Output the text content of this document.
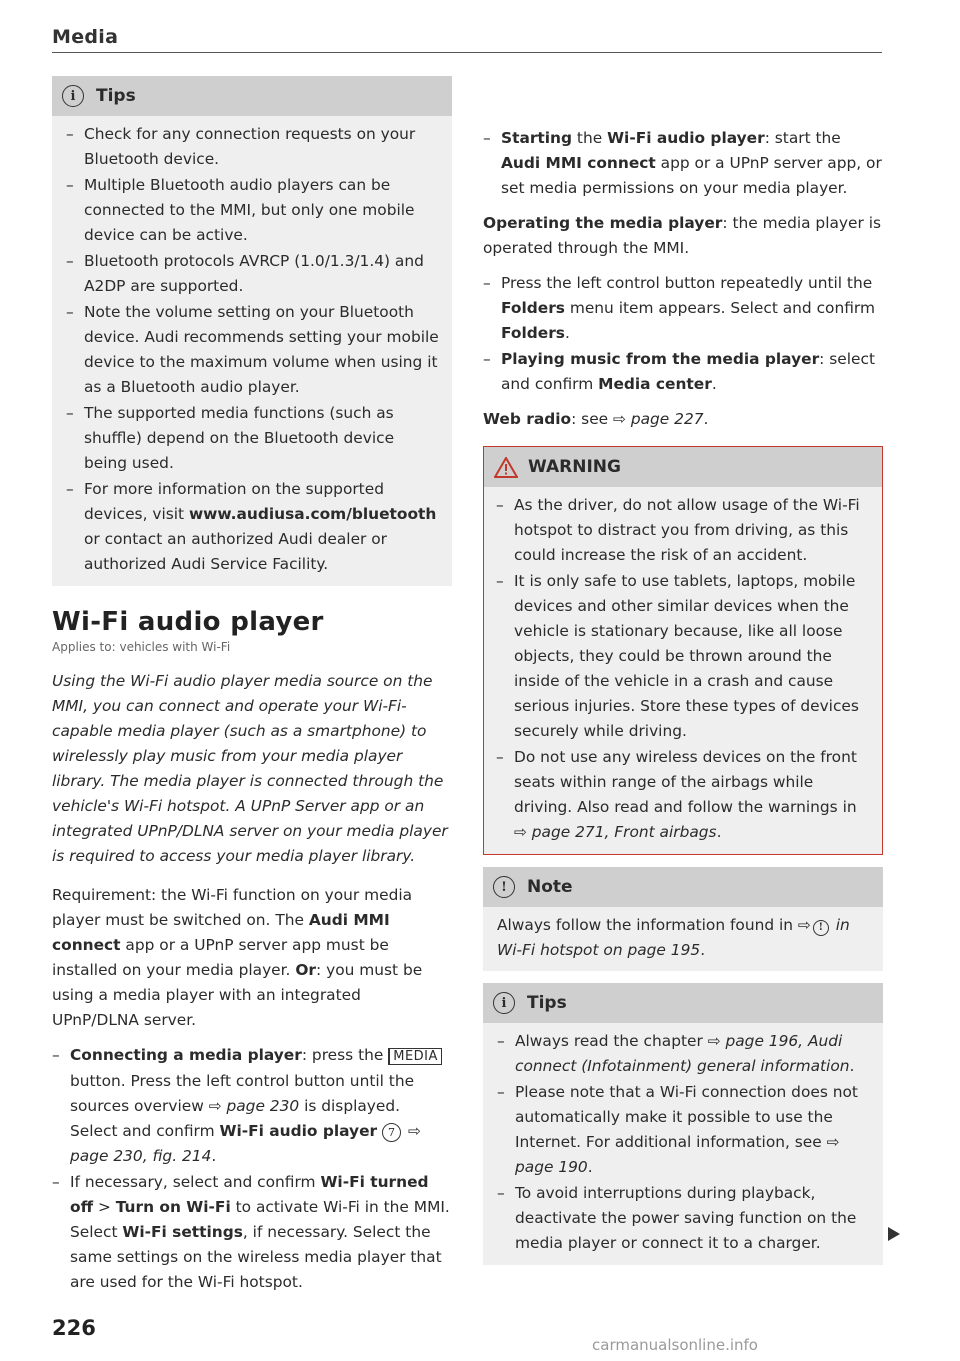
Media
i	Tips
– Check for any connection requests on your Bluetooth device.
– Multiple Bluetooth audio players can be connected to the MMI, but only one mobile device can be active.
– Bluetooth protocols AVRCP (1.0/1.3/1.4) and A2DP are supported.
– Note the volume setting on your Bluetooth device. Audi recommends setting your mobile device to the maximum volume when using it as a Bluetooth audio player.
– The supported media functions (such as shuffle) depend on the Bluetooth device being used.
– For more information on the supported devices, visit www.audiusa.com/bluetooth or contact an authorized Audi dealer or authorized Audi Service Facility.
Wi-Fi audio player
Applies to: vehicles with Wi-Fi

Using the Wi-Fi audio player media source on the MMI, you can connect and operate your Wi-Fi-capable media player (such as a smartphone) to wirelessly play music from your media player library. The media player is connected through the vehicle's Wi-Fi hotspot. A UPnP Server app or an integrated UPnP/DLNA server on your media player is required to access your media player library.

Requirement: the Wi-Fi function on your media player must be switched on. The Audi MMI connect app or a UPnP server app must be installed on your media player. Or: you must be using a media player with an integrated UPnP/DLNA server.

– Connecting a media player: press the MEDIA button. Press the left control button until the sources overview ⇨ page 230 is displayed. Select and confirm Wi-Fi audio player 7 ⇨ page 230, fig. 214.
– If necessary, select and confirm Wi-Fi turned off > Turn on Wi-Fi to activate Wi-Fi in the MMI. Select Wi-Fi settings, if necessary. Select the same settings on the wireless media player that are used for the Wi-Fi hotspot.
– Starting the Wi-Fi audio player: start the Audi MMI connect app or a UPnP server app, or set media permissions on your media player.

Operating the media player: the media player is operated through the MMI.

– Press the left control button repeatedly until the Folders menu item appears. Select and confirm Folders.
– Playing music from the media player: select and confirm Media center.

Web radio: see ⇨ page 227.

WARNING
– As the driver, do not allow usage of the Wi-Fi hotspot to distract you from driving, as this could increase the risk of an accident.
– It is only safe to use tablets, laptops, mobile devices and other similar devices when the vehicle is stationary because, like all loose objects, they could be thrown around the inside of the vehicle in a crash and cause serious injuries. Store these types of devices securely while driving.
– Do not use any wireless devices on the front seats within range of the airbags while driving. Also read and follow the warnings in ⇨ page 271, Front airbags.
!	Note
Always follow the information found in ⇨ ! in Wi-Fi hotspot on page 195.
i	Tips
– Always read the chapter ⇨ page 196, Audi connect (Infotainment) general information.
– Please note that a Wi-Fi connection does not automatically make it possible to use the Internet. For additional information, see ⇨ page 190.
– To avoid interruptions during playback, deactivate the power saving function on the media player or connect it to a charger.
226
carmanualsonline.info
